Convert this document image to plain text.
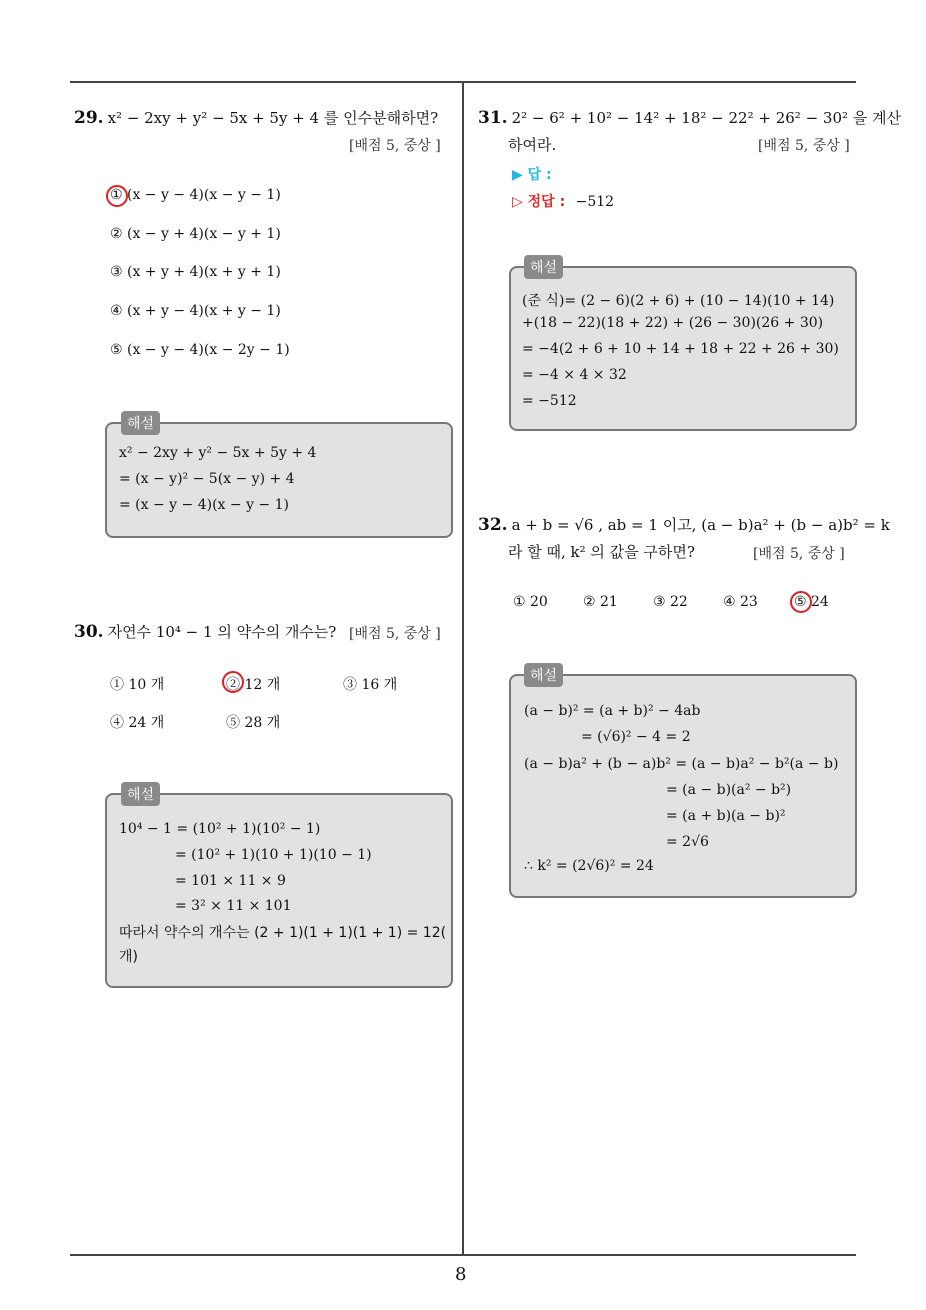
8
29. x² − 2xy + y² − 5x + 5y + 4 를 인수분해하면?
[배점 5, 중상 ]
① (x − y − 4)(x − y − 1)
② (x − y + 4)(x − y + 1)
③ (x + y + 4)(x + y + 1)
④ (x + y − 4)(x + y − 1)
⑤ (x − y − 4)(x − 2y − 1)
해설
x² − 2xy + y² − 5x + 5y + 4
= (x − y)² − 5(x − y) + 4
= (x − y − 4)(x − y − 1)
30. 자연수 10⁴ − 1 의 약수의 개수는? [배점 5, 중상 ]
① 10 개	② 12 개	③ 16 개
④ 24 개	⑤ 28 개
해설
10⁴ − 1 = (10² + 1)(10² − 1)
= (10² + 1)(10 + 1)(10 − 1)
= 101 × 11 × 9
= 3² × 11 × 101
따라서 약수의 개수는 (2 + 1)(1 + 1)(1 + 1) = 12(
개)
31. 2² − 6² + 10² − 14² + 18² − 22² + 26² − 30² 을 계산
하여라.	[배점 5, 중상 ]
▶ 답 :
▷ 정답 : −512
해설
(준 식)= (2 − 6)(2 + 6) + (10 − 14)(10 + 14)
+(18 − 22)(18 + 22) + (26 − 30)(26 + 30)
= −4(2 + 6 + 10 + 14 + 18 + 22 + 26 + 30)
= −4 × 4 × 32
= −512
32. a + b = √6 , ab = 1 이고, (a − b)a² + (b − a)b² = k
라 할 때, k² 의 값을 구하면?	[배점 5, 중상 ]
① 20	② 21	③ 22	④ 23	⑤ 24
해설
(a − b)² = (a + b)² − 4ab
= (√6)² − 4 = 2
(a − b)a² + (b − a)b² = (a − b)a² − b²(a − b)
= (a − b)(a² − b²)
= (a + b)(a − b)²
= 2√6
∴ k² = (2√6)² = 24
